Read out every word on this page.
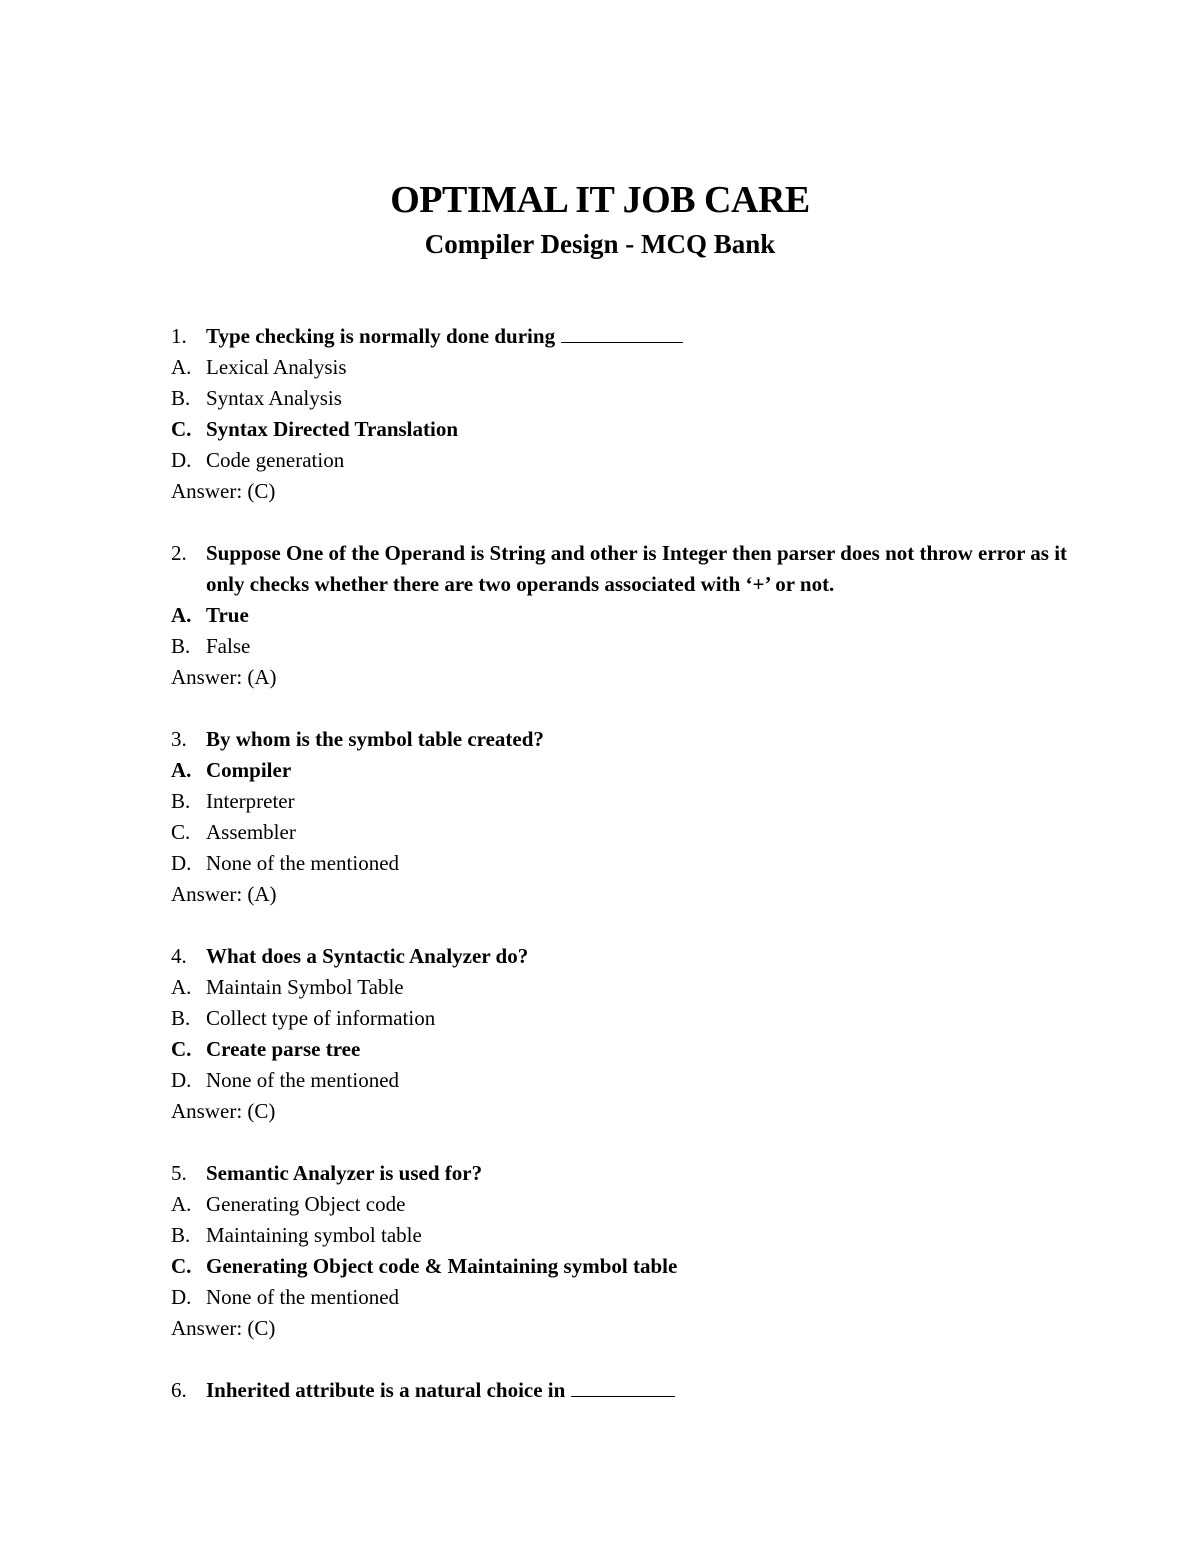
OPTIMAL IT JOB CARE
Compiler Design - MCQ Bank
1. Type checking is normally done during
A. Lexical Analysis
B. Syntax Analysis
C. Syntax Directed Translation
D. Code generation
Answer: (C)
2. Suppose One of the Operand is String and other is Integer then parser does not throw error as it only checks whether there are two operands associated with ‘+’ or not.
A. True
B. False
Answer: (A)
3. By whom is the symbol table created?
A. Compiler
B. Interpreter
C. Assembler
D. None of the mentioned
Answer: (A)
4. What does a Syntactic Analyzer do?
A. Maintain Symbol Table
B. Collect type of information
C. Create parse tree
D. None of the mentioned
Answer: (C)
5. Semantic Analyzer is used for?
A. Generating Object code
B. Maintaining symbol table
C. Generating Object code & Maintaining symbol table
D. None of the mentioned
Answer: (C)
6. Inherited attribute is a natural choice in
